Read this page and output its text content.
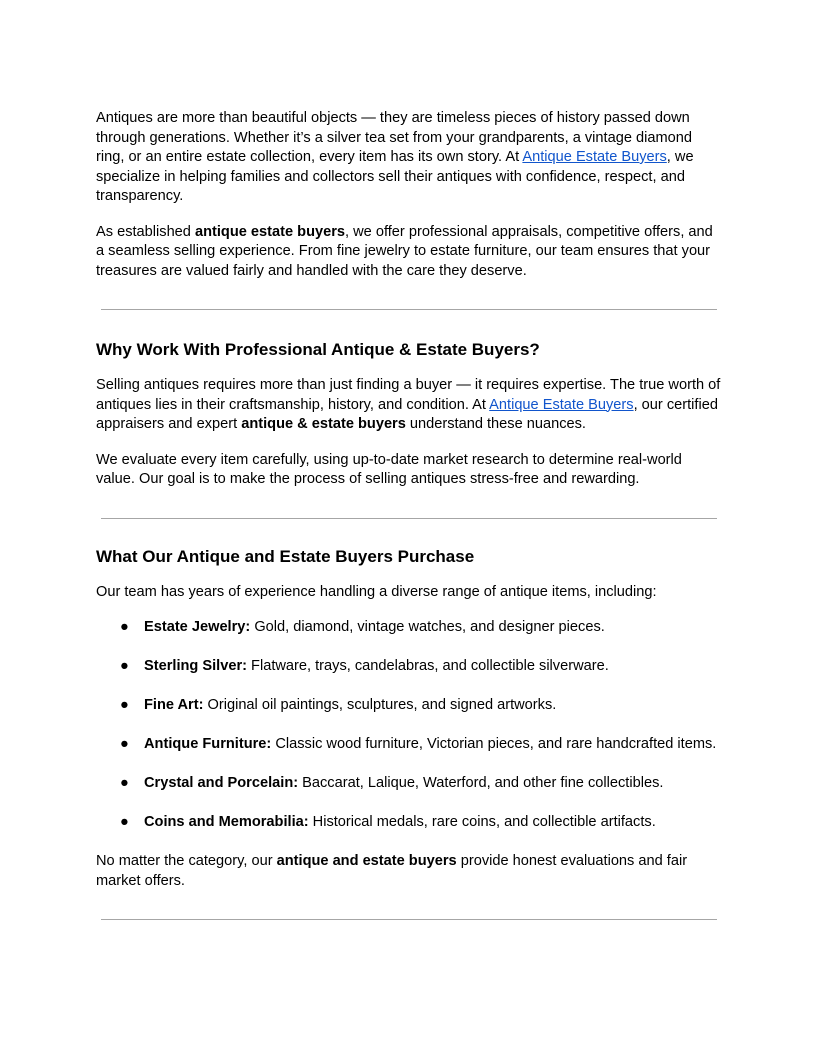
Antiques are more than beautiful objects — they are timeless pieces of history passed down through generations. Whether it’s a silver tea set from your grandparents, a vintage diamond ring, or an entire estate collection, every item has its own story. At Antique Estate Buyers, we specialize in helping families and collectors sell their antiques with confidence, respect, and transparency.

As established antique estate buyers, we offer professional appraisals, competitive offers, and a seamless selling experience. From fine jewelry to estate furniture, our team ensures that your treasures are valued fairly and handled with the care they deserve.

Why Work With Professional Antique & Estate Buyers?

Selling antiques requires more than just finding a buyer — it requires expertise. The true worth of antiques lies in their craftsmanship, history, and condition. At Antique Estate Buyers, our certified appraisers and expert antique & estate buyers understand these nuances.

We evaluate every item carefully, using up-to-date market research to determine real-world value. Our goal is to make the process of selling antiques stress-free and rewarding.

What Our Antique and Estate Buyers Purchase

Our team has years of experience handling a diverse range of antique items, including:

● Estate Jewelry: Gold, diamond, vintage watches, and designer pieces.
● Sterling Silver: Flatware, trays, candelabras, and collectible silverware.
● Fine Art: Original oil paintings, sculptures, and signed artworks.
● Antique Furniture: Classic wood furniture, Victorian pieces, and rare handcrafted items.
● Crystal and Porcelain: Baccarat, Lalique, Waterford, and other fine collectibles.
● Coins and Memorabilia: Historical medals, rare coins, and collectible artifacts.

No matter the category, our antique and estate buyers provide honest evaluations and fair market offers.
